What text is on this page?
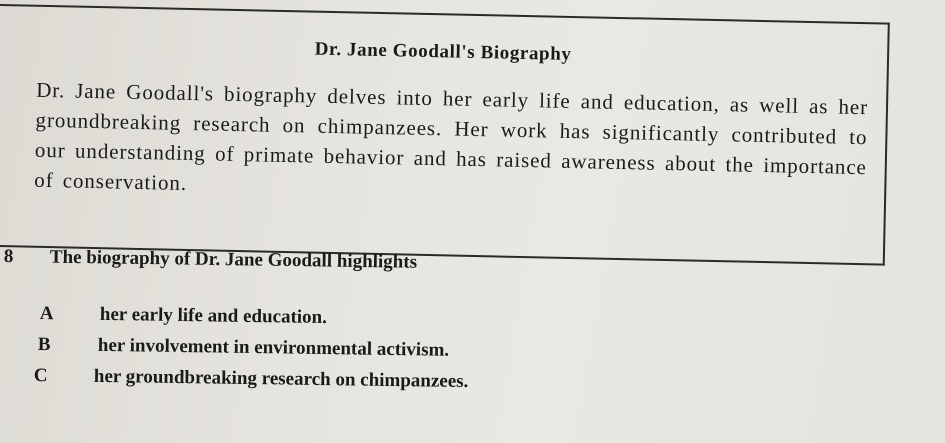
Dr. Jane Goodall's Biography
Dr. Jane Goodall's biography delves into her early life and education, as well as her groundbreaking research on chimpanzees. Her work has significantly contributed to our understanding of primate behavior and has raised awareness about the importance of conservation.
8 The biography of Dr. Jane Goodall highlights
A her early life and education.
B her involvement in environmental activism.
C her groundbreaking research on chimpanzees.
